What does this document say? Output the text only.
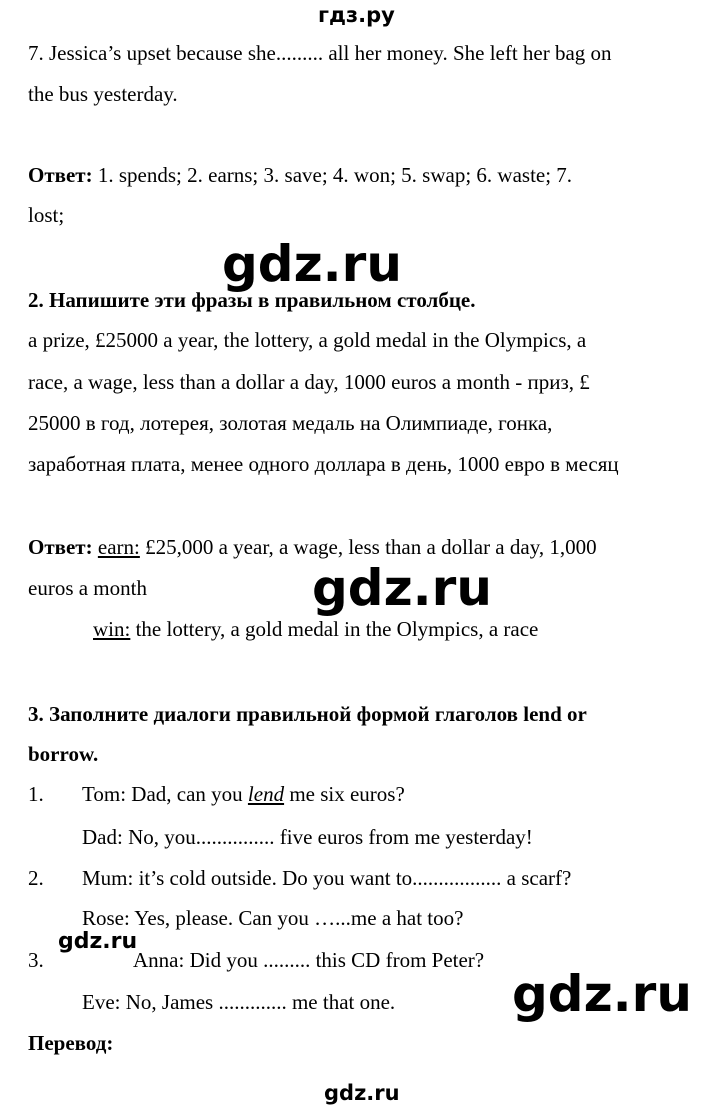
гдз.ру
7. Jessica’s upset because she......... all her money. She left her bag on
the bus yesterday.
Ответ: 1. spends; 2. earns; 3. save; 4. won; 5. swap; 6. waste; 7.
lost;
gdz.ru
2. Напишите эти фразы в правильном столбце.
a prize, £25000 a year, the lottery, a gold medal in the Olympics, a
race, a wage, less than a dollar a day, 1000 euros a month - приз, £
25000 в год, лотерея, золотая медаль на Олимпиаде, гонка,
заработная плата, менее одного доллара в день, 1000 евро в месяц
Ответ: earn: £25,000 a year, a wage, less than a dollar a day, 1,000
euros a month	gdz.ru
win: the lottery, a gold medal in the Olympics, a race
3. Заполните диалоги правильной формой глаголов lend or
borrow.
1. Tom: Dad, can you lend me six euros?
Dad: No, you............... five euros from me yesterday!
2. Mum: it’s cold outside. Do you want to................. a scarf?
Rose: Yes, please. Can you …...me a hat too?
gdz.ru
3.	Anna: Did you ......... this CD from Peter?
Eve: No, James ............. me that one. gdz.ru
Перевод:
gdz.ru
